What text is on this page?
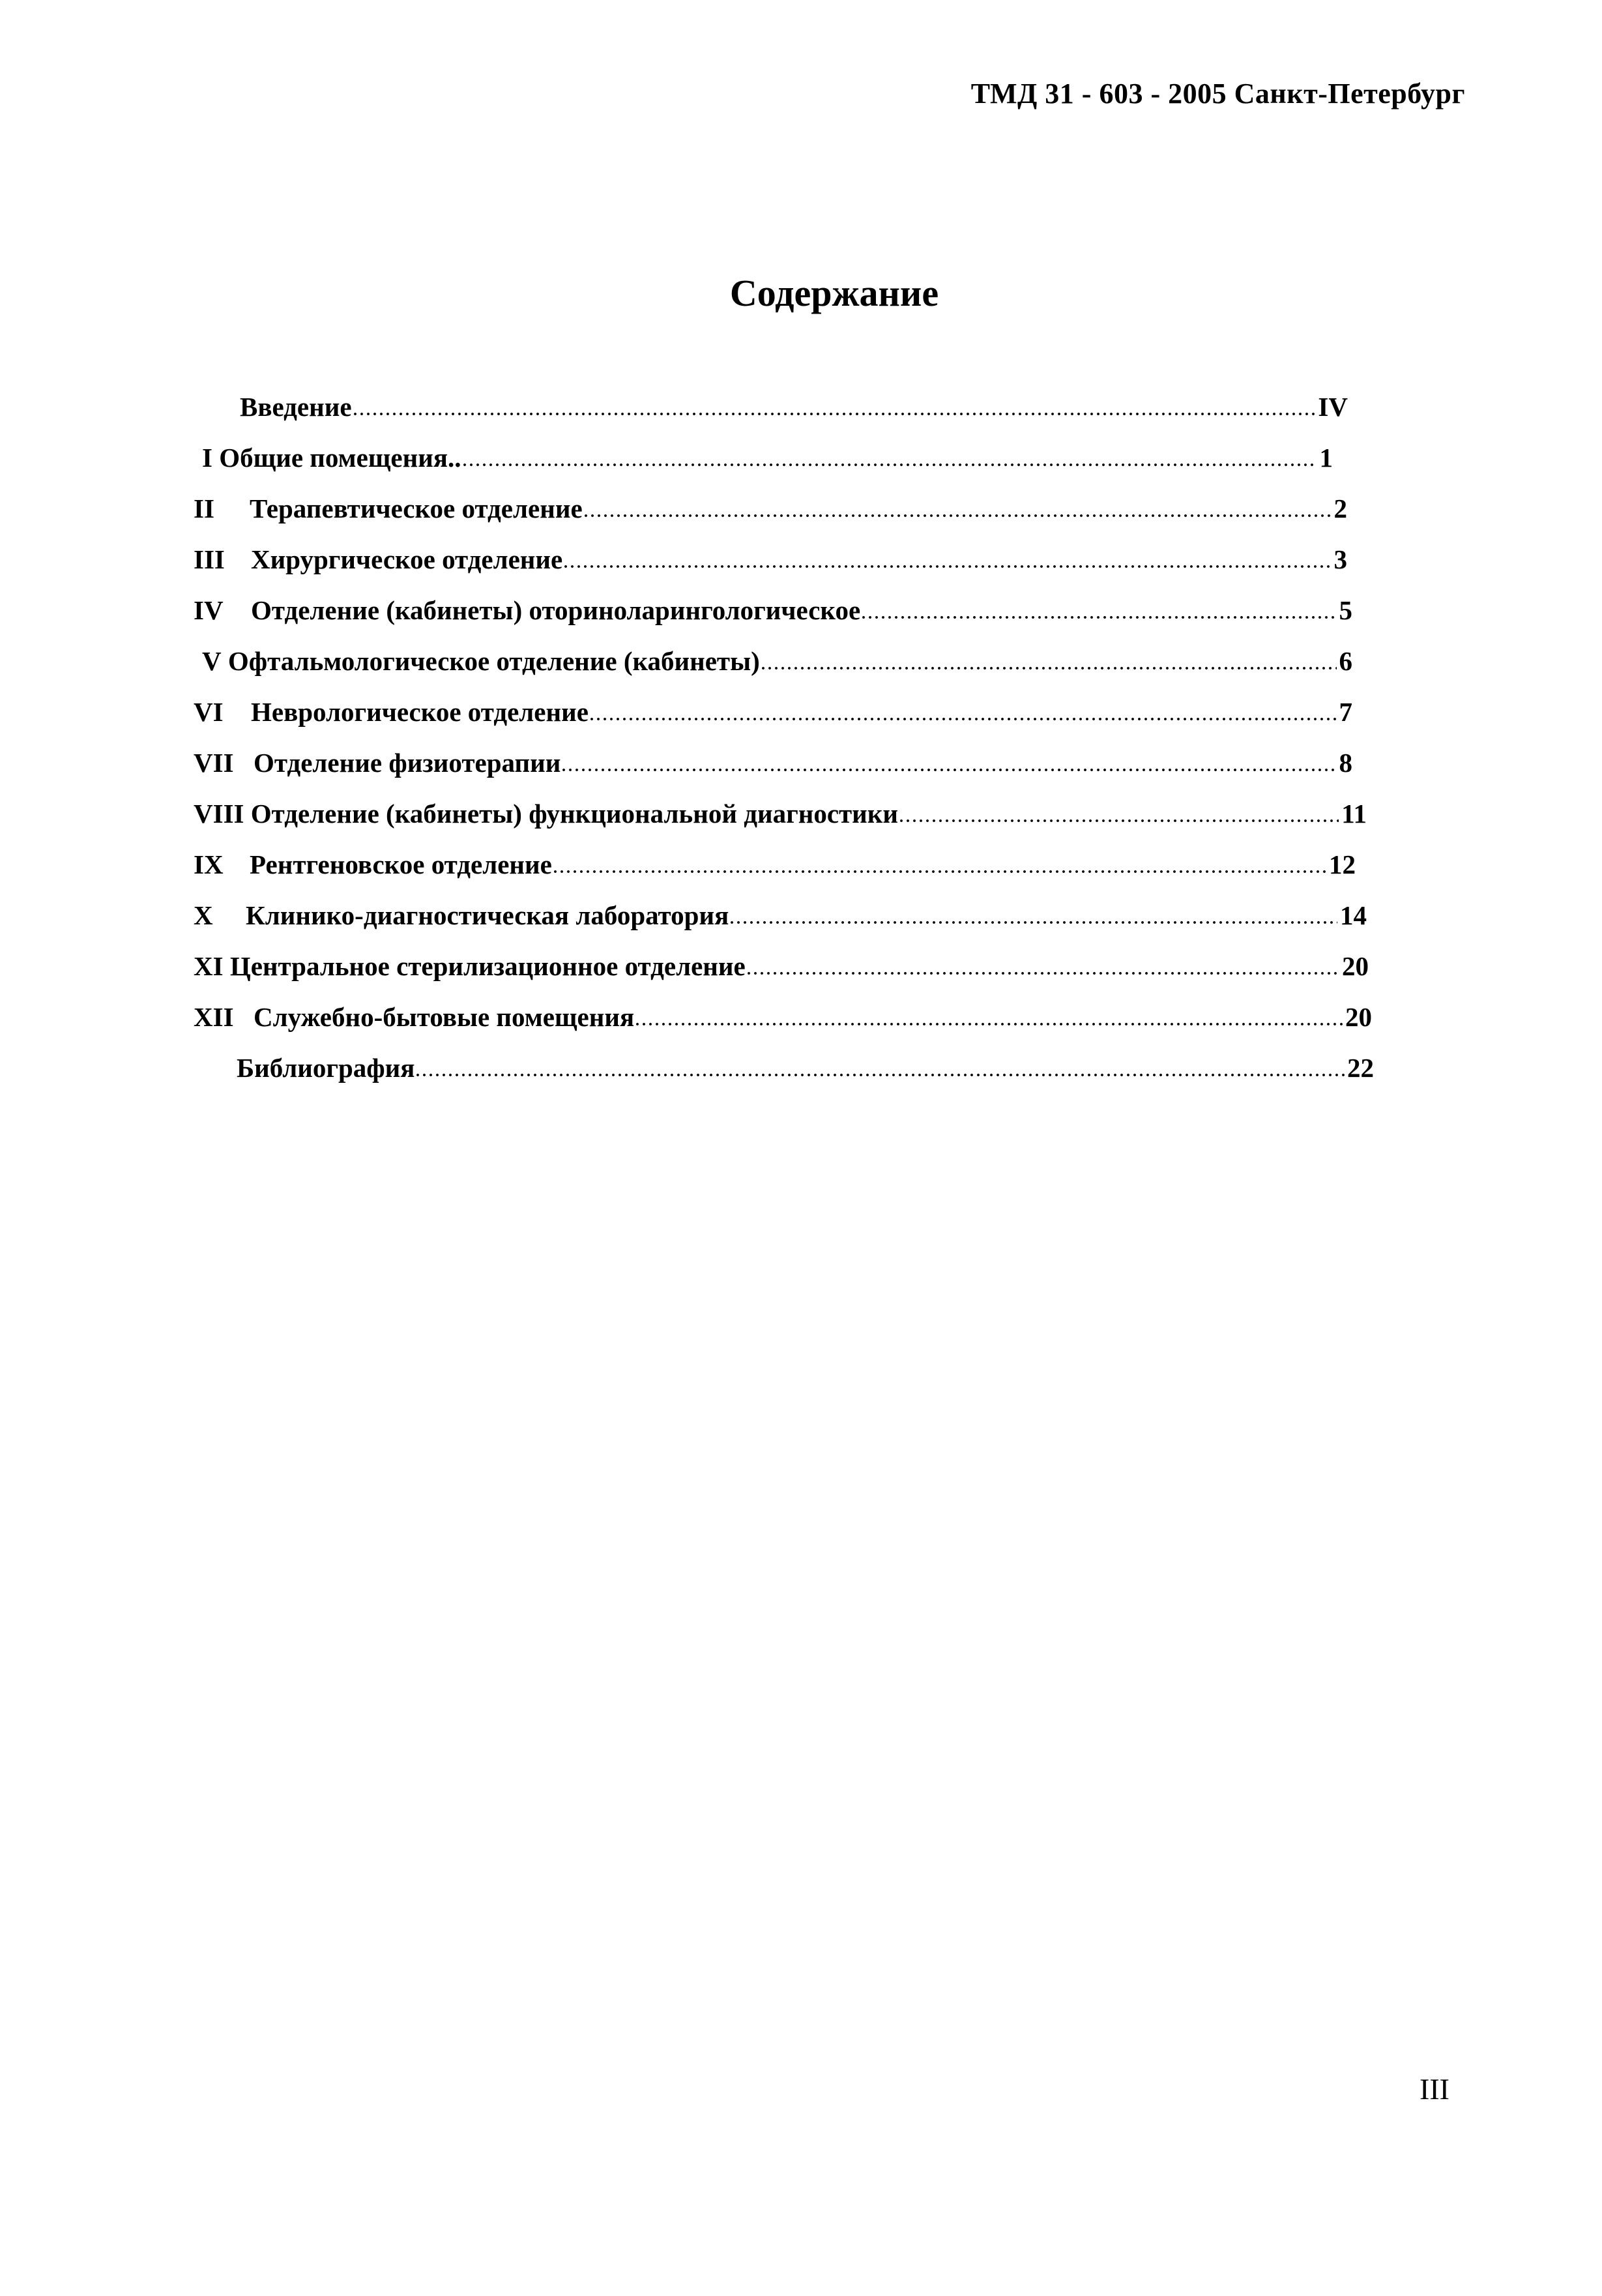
ТМД 31 - 603 - 2005 Санкт-Петербург
Содержание
Введение	IV
I Общие помещения..	1
II Терапевтическое отделение	2
III Хирургическое отделение	3
IV Отделение (кабинеты) оториноларингологическое	5
V Офтальмологическое отделение (кабинеты)	6
VI Неврологическое отделение	7
VII Отделение физиотерапии	8
VIII Отделение (кабинеты) функциональной диагностики	11
IX Рентгеновское отделение	12
X Клинико-диагностическая лаборатория	14
XI Центральное стерилизационное отделение	20
XII Служебно-бытовые помещения	20
Библиография	22
III
